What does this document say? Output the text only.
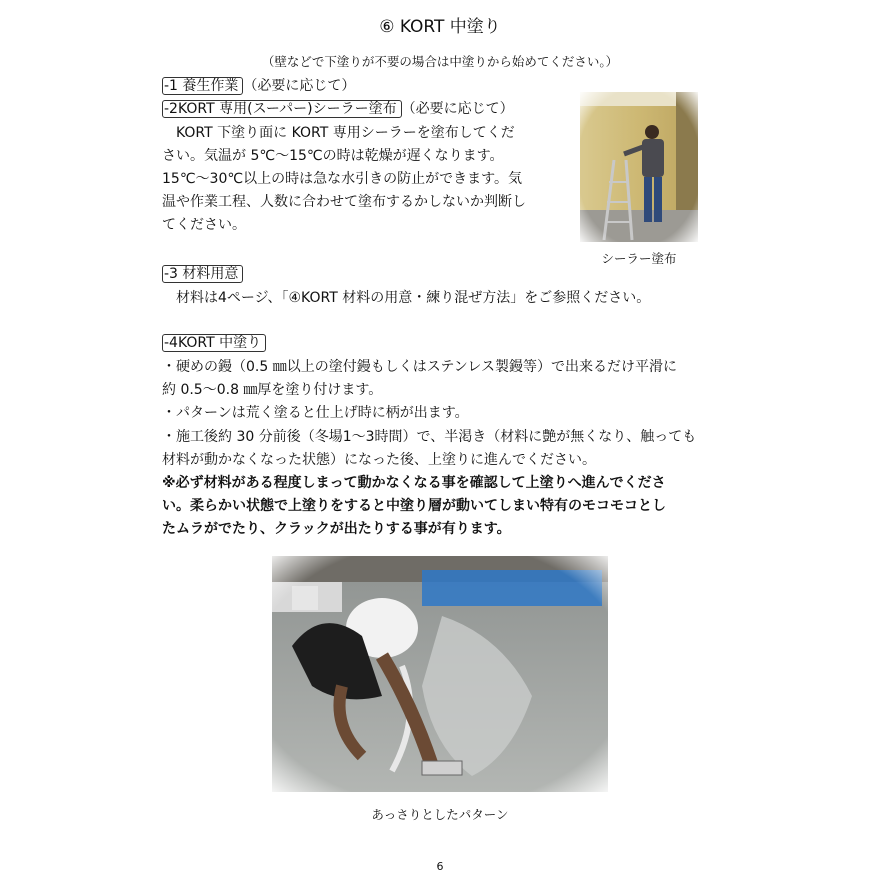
⑥ KORT 中塗り
（壁などで下塗りが不要の場合は中塗りから始めてください。）
-1 養生作業 （必要に応じて）
-2KORT 専用(スーパー)シーラー塗布 （必要に応じて）
　KORT 下塗り面に KORT 専用シーラーを塗布してくだ
さい。気温が 5℃～15℃の時は乾燥が遅くなります。
15℃～30℃以上の時は急な水引きの防止ができます。気
温や作業工程、人数に合わせて塗布するかしないか判断し
てください。
シーラー塗布
-3 材料用意
　材料は4ページ、「④KORT 材料の用意・練り混ぜ方法」をご参照ください。
-4KORT 中塗り
・硬めの鏝（0.5 ㎜以上の塗付鏝もしくはステンレス製鏝等）で出来るだけ平滑に
約 0.5～0.8 ㎜厚を塗り付けます。
・パターンは荒く塗ると仕上げ時に柄が出ます。
・施工後約 30 分前後（冬場1～3時間）で、半渇き（材料に艶が無くなり、触っても
材料が動かなくなった状態）になった後、上塗りに進んでください。
※必ず材料がある程度しまって動かなくなる事を確認して上塗りへ進んでくださ
い。柔らかい状態で上塗りをすると中塗り層が動いてしまい特有のモコモコとし
たムラがでたり、クラックが出たりする事が有ります。
あっさりとしたパターン
6
